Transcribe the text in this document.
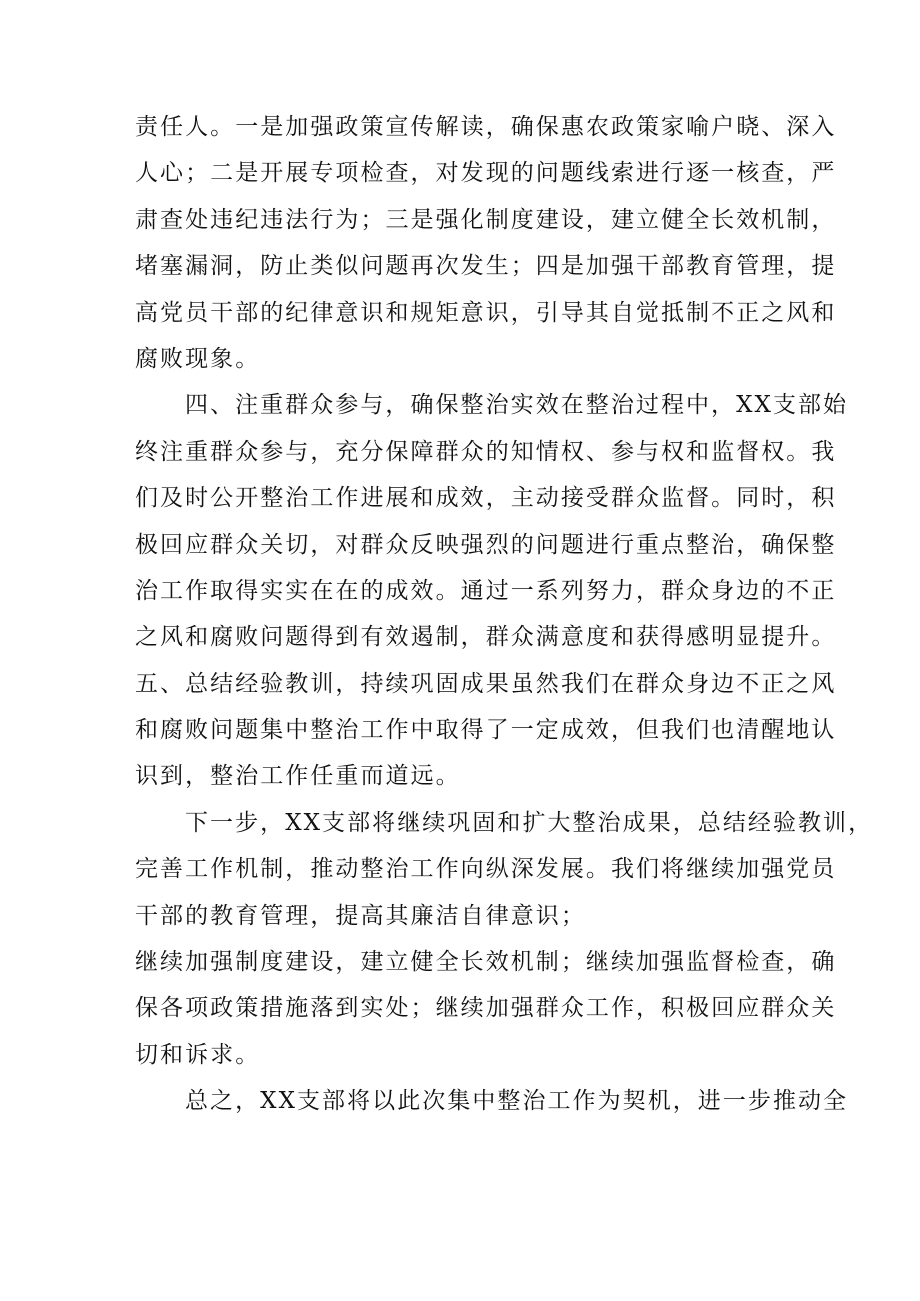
责任人。一是加强政策宣传解读，确保惠农政策家喻户晓、深入
人心；二是开展专项检查，对发现的问题线索进行逐一核查，严
肃查处违纪违法行为；三是强化制度建设，建立健全长效机制，
堵塞漏洞，防止类似问题再次发生；四是加强干部教育管理，提
高党员干部的纪律意识和规矩意识，引导其自觉抵制不正之风和
腐败现象。
四、注重群众参与，确保整治实效在整治过程中，XX支部始
终注重群众参与，充分保障群众的知情权、参与权和监督权。我
们及时公开整治工作进展和成效，主动接受群众监督。同时，积
极回应群众关切，对群众反映强烈的问题进行重点整治，确保整
治工作取得实实在在的成效。通过一系列努力，群众身边的不正
之风和腐败问题得到有效遏制，群众满意度和获得感明显提升。
五、总结经验教训，持续巩固成果虽然我们在群众身边不正之风
和腐败问题集中整治工作中取得了一定成效，但我们也清醒地认
识到，整治工作任重而道远。
下一步，XX支部将继续巩固和扩大整治成果，总结经验教训，
完善工作机制，推动整治工作向纵深发展。我们将继续加强党员
干部的教育管理，提高其廉洁自律意识；
继续加强制度建设，建立健全长效机制；继续加强监督检查，确
保各项政策措施落到实处；继续加强群众工作，积极回应群众关
切和诉求。
总之，XX支部将以此次集中整治工作为契机，进一步推动全
